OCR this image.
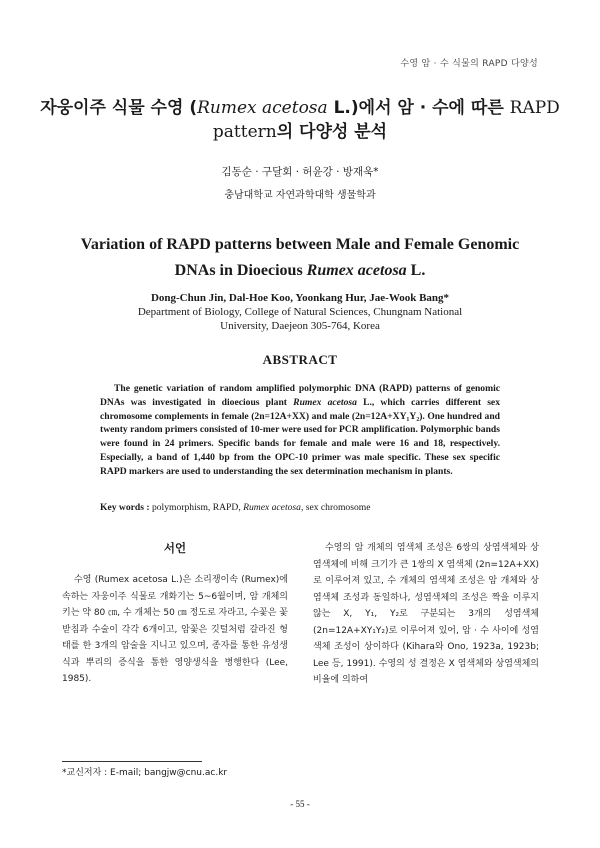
수영 암 · 수 식물의 RAPD 다양성
자웅이주 식물 수영 (Rumex acetosa L.)에서 암 · 수에 따른 RAPD
pattern의 다양성 분석
김동순 · 구달회 · 허윤강 · 방재욱*
충남대학교 자연과학대학 생물학과
Variation of RAPD patterns between Male and Female Genomic
DNAs in Dioecious Rumex acetosa L.
Dong-Chun Jin, Dal-Hoe Koo, Yoonkang Hur, Jae-Wook Bang*
Department of Biology, College of Natural Sciences, Chungnam National
University, Daejeon 305-764, Korea
ABSTRACT
The genetic variation of random amplified polymorphic DNA (RAPD) patterns of genomic DNAs was investigated in dioecious plant Rumex acetosa L., which carries different sex chromosome complements in female (2n=12A+XX) and male (2n=12A+XY₁Y₂). One hundred and twenty random primers consisted of 10-mer were used for PCR amplification. Polymorphic bands were found in 24 primers. Specific bands for female and male were 16 and 18, respectively. Especially, a band of 1,440 bp from the OPC-10 primer was male specific. These sex specific RAPD markers are used to understanding the sex determination mechanism in plants.
Key words : polymorphism, RAPD, Rumex acetosa, sex chromosome
서언

수영 (Rumex acetosa L.)은 소리쟁이속 (Rumex)에 속하는 자웅이주 식물로 개화기는 5~6월이며, 암 개체의 키는 약 80 ㎝, 수 개체는 50 ㎝ 정도로 자라고, 수꽃은 꽃받침과 수술이 각각 6개이고, 암꽃은 깃털처럼 갈라진 형태를 한 3개의 암술을 지니고 있으며, 종자를 통한 유성생식과 뿌리의 증식을 통한 영양생식을 병행한다 (Lee, 1985).

수영의 암 개체의 염색체 조성은 6쌍의 상염색체와 상염색체에 비해 크기가 큰 1쌍의 X 염색체 (2n=12A+XX)로 이루어져 있고, 수 개체의 염색체 조성은 암 개체와 상염색체 조성과 동일하나, 성염색체의 조성은 짝을 이루지 않는 X, Y₁, Y₂로 구분되는 3개의 성염색체 (2n=12A+XY₁Y₂)로 이루어져 있어, 암 · 수 사이에 성염색체 조성이 상이하다 (Kihara와 Ono, 1923a, 1923b; Lee 등, 1991). 수영의 성 결정은 X 염색체와 상염색체의 비율에 의하여

*교신저자 : E-mail; bangjw@cnu.ac.kr
- 55 -
